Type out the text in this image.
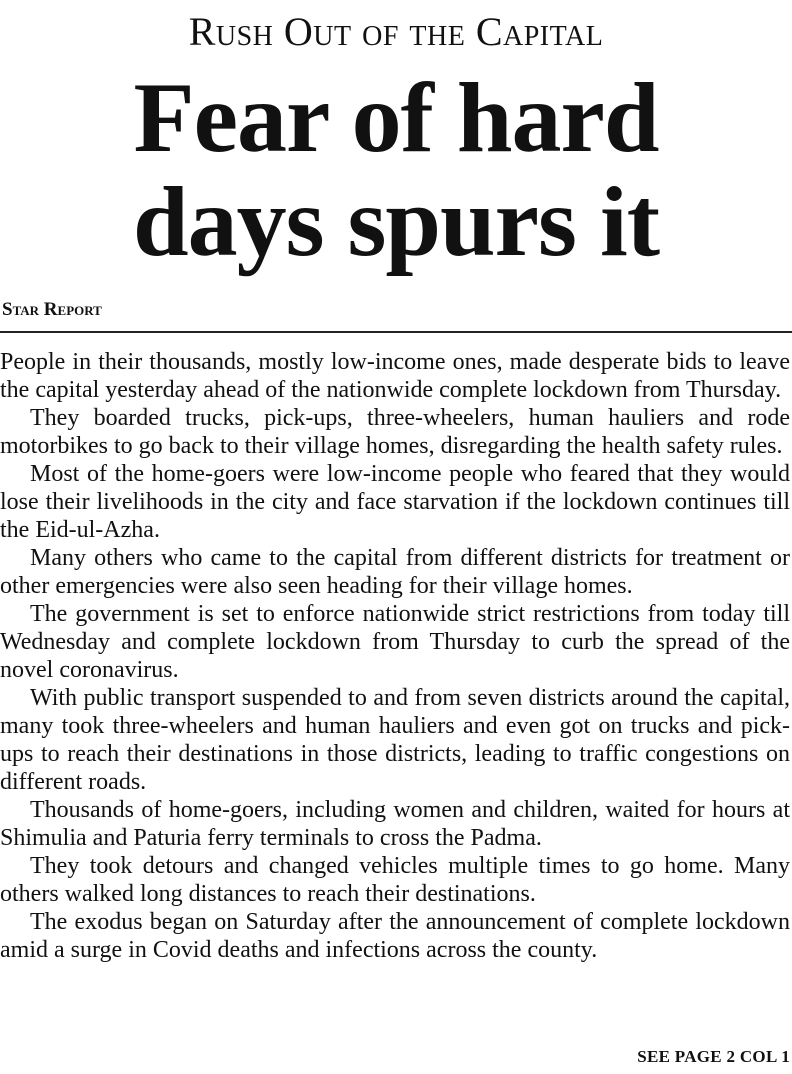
Rush Out of the Capital
Fear of hard
days spurs it
Star Report

People in their thousands, mostly low-income ones, made desperate bids to leave the capital yesterday ahead of the nationwide complete lockdown from Thursday.

They boarded trucks, pick-ups, three-wheelers, human hauliers and rode motorbikes to go back to their village homes, disregarding the health safety rules.

Most of the home-goers were low-income people who feared that they would lose their livelihoods in the city and face starvation if the lockdown continues till the Eid-ul-Azha.

Many others who came to the capital from different districts for treatment or other emergencies were also seen heading for their village homes.

The government is set to enforce nationwide strict restrictions from today till Wednesday and complete lockdown from Thursday to curb the spread of the novel coronavirus.

With public transport suspended to and from seven districts around the capital, many took three-wheelers and human hauliers and even got on trucks and pick-ups to reach their destinations in those districts, leading to traffic congestions on different roads.

Thousands of home-goers, including women and children, waited for hours at Shimulia and Paturia ferry terminals to cross the Padma.

They took detours and changed vehicles multiple times to go home. Many others walked long distances to reach their destinations.

The exodus began on Saturday after the announcement of complete lockdown amid a surge in Covid deaths and infections across the county.

SEE PAGE 2 COL 1
